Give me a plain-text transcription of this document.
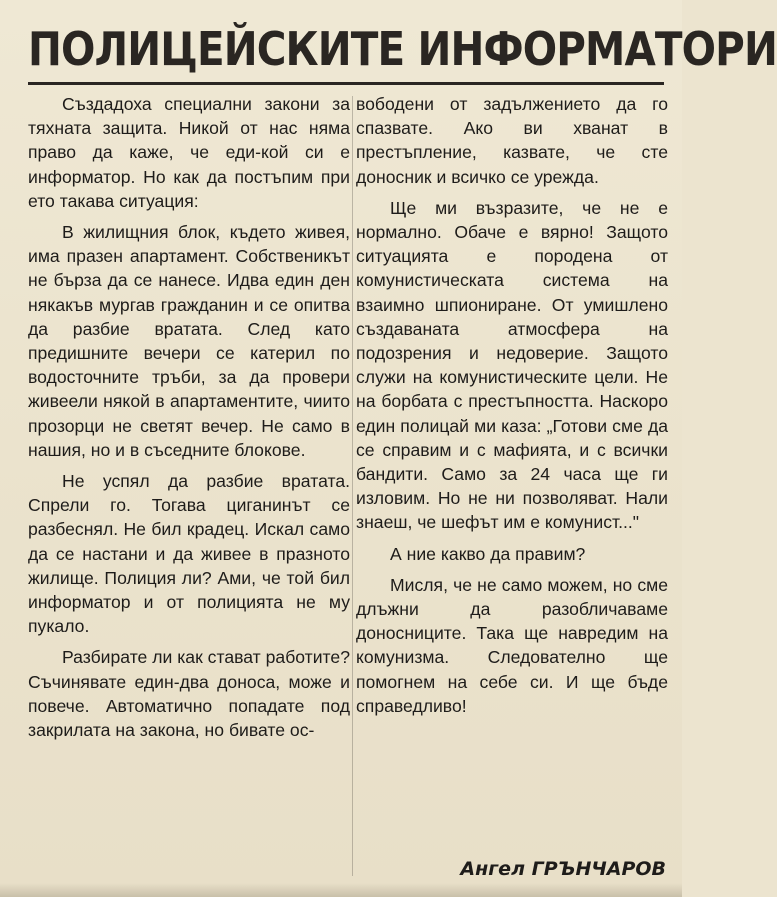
ПОЛИЦЕЙСКИТЕ ИНФОРМАТОРИ

Създадоха специални закони за тяхната защита. Никой от нас няма право да каже, че еди-кой си е информатор. Но как да постъпим при ето такава ситуация:

В жилищния блок, където живея, има празен апартамент. Собственикът не бърза да се нанесе. Идва един ден някакъв мургав гражданин и се опитва да разбие вратата. След като предишните вечери се катерил по водосточните тръби, за да провери живеели някой в апартаментите, чиито прозорци не светят вечер. Не само в нашия, но и в съседните блокове.

Не успял да разбие вратата. Спрели го. Тогава циганинът се разбеснял. Не бил крадец. Искал само да се настани и да живее в празното жилище. Полиция ли? Ами, че той бил информатор и от полицията не му пукало.

Разбирате ли как стават работите? Съчинявате един-два доноса, може и повече. Автоматично попадате под закрилата на закона, но бивате ос-

вободени от задължението да го спазвате. Ако ви хванат в престъпление, казвате, че сте доносник и всичко се урежда.

Ще ми възразите, че не е нормално. Обаче е вярно! Защото ситуацията е породена от комунистическата система на взаимно шпиониране. От умишлено създаваната атмосфера на подозрения и недоверие. Защото служи на комунистическите цели. Не на борбата с престъпността. Наскоро един полицай ми каза: „Готови сме да се справим и с мафията, и с всички бандити. Само за 24 часа ще ги изловим. Но не ни позволяват. Нали знаеш, че шефът им е комунист..."

А ние какво да правим?

Мисля, че не само можем, но сме длъжни да разобличаваме доносниците. Така ще навредим на комунизма. Следователно ще помогнем на себе си. И ще бъде справедливо!

Ангел ГРЪНЧАРОВ
